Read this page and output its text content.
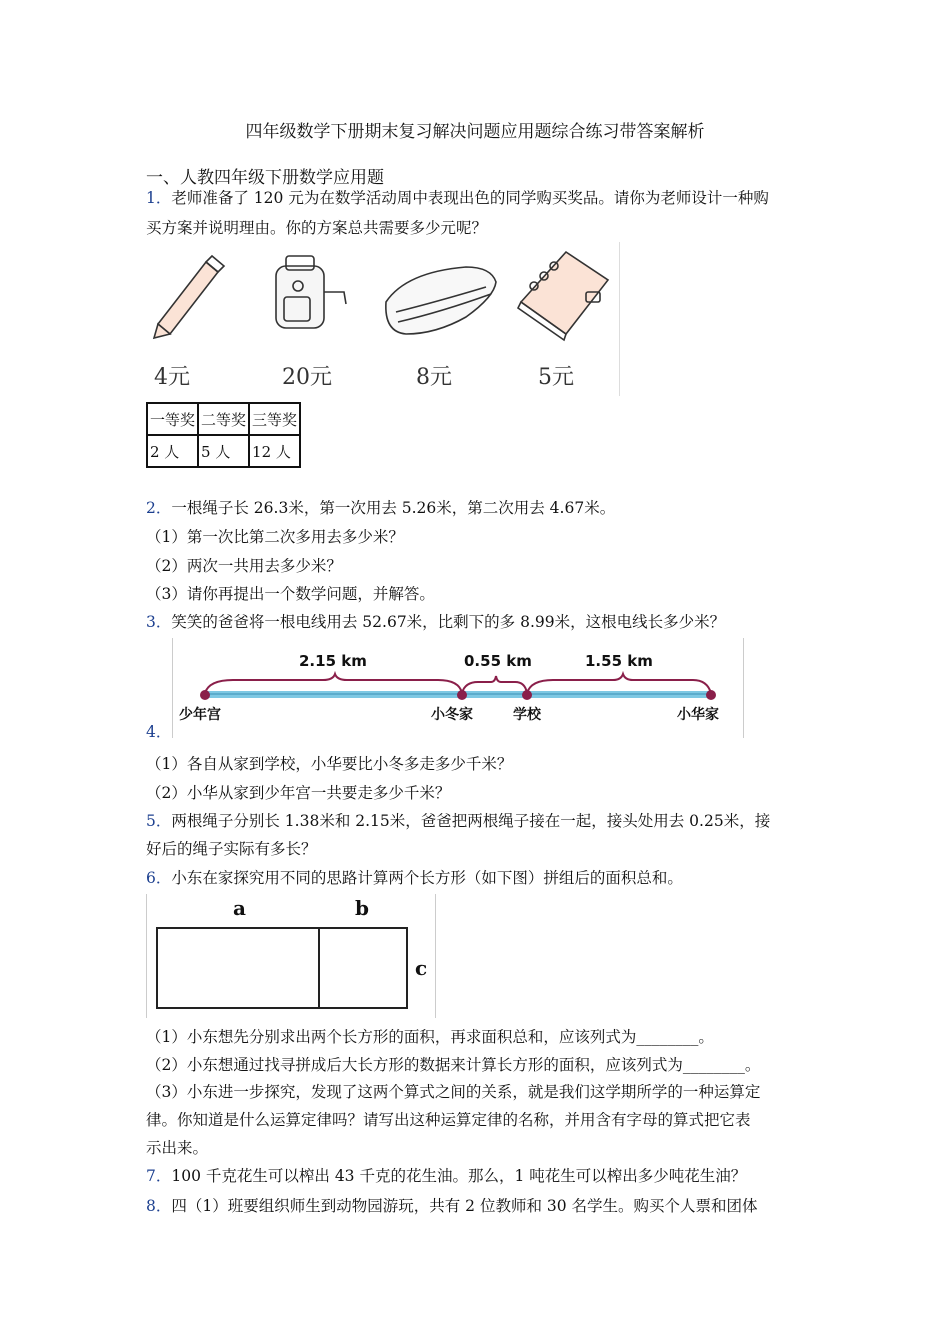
四年级数学下册期末复习解决问题应用题综合练习带答案解析
一、人教四年级下册数学应用题
1．老师准备了 120 元为在数学活动周中表现出色的同学购买奖品。请你为老师设计一种购
买方案并说明理由。你的方案总共需要多少元呢？
4元	20元	8元	5元
一等奖	二等奖	三等奖
2 人	5 人	12 人
2．一根绳子长 26.3米，第一次用去 5.26米，第二次用去 4.67米。
（1）第一次比第二次多用去多少米？
（2）两次一共用去多少米？
（3）请你再提出一个数学问题，并解答。
3．笑笑的爸爸将一根电线用去 52.67米，比剩下的多 8.99米，这根电线长多少米？
2.15 km	0.55 km	1.55 km
少年宫	小冬家	学校	小华家
4．
（1）各自从家到学校，小华要比小冬多走多少千米？
（2）小华从家到少年宫一共要走多少千米？
5．两根绳子分别长 1.38米和 2.15米，爸爸把两根绳子接在一起，接头处用去 0.25米，接
好后的绳子实际有多长？
6．小东在家探究用不同的思路计算两个长方形（如下图）拼组后的面积总和。
a	b
c
（1）小东想先分别求出两个长方形的面积，再求面积总和，应该列式为________。
（2）小东想通过找寻拼成后大长方形的数据来计算长方形的面积，应该列式为________。
（3）小东进一步探究，发现了这两个算式之间的关系，就是我们这学期所学的一种运算定
律。你知道是什么运算定律吗？请写出这种运算定律的名称，并用含有字母的算式把它表
示出来。
7．100 千克花生可以榨出 43 千克的花生油。那么，1 吨花生可以榨出多少吨花生油？
8．四（1）班要组织师生到动物园游玩，共有 2 位教师和 30 名学生。购买个人票和团体
